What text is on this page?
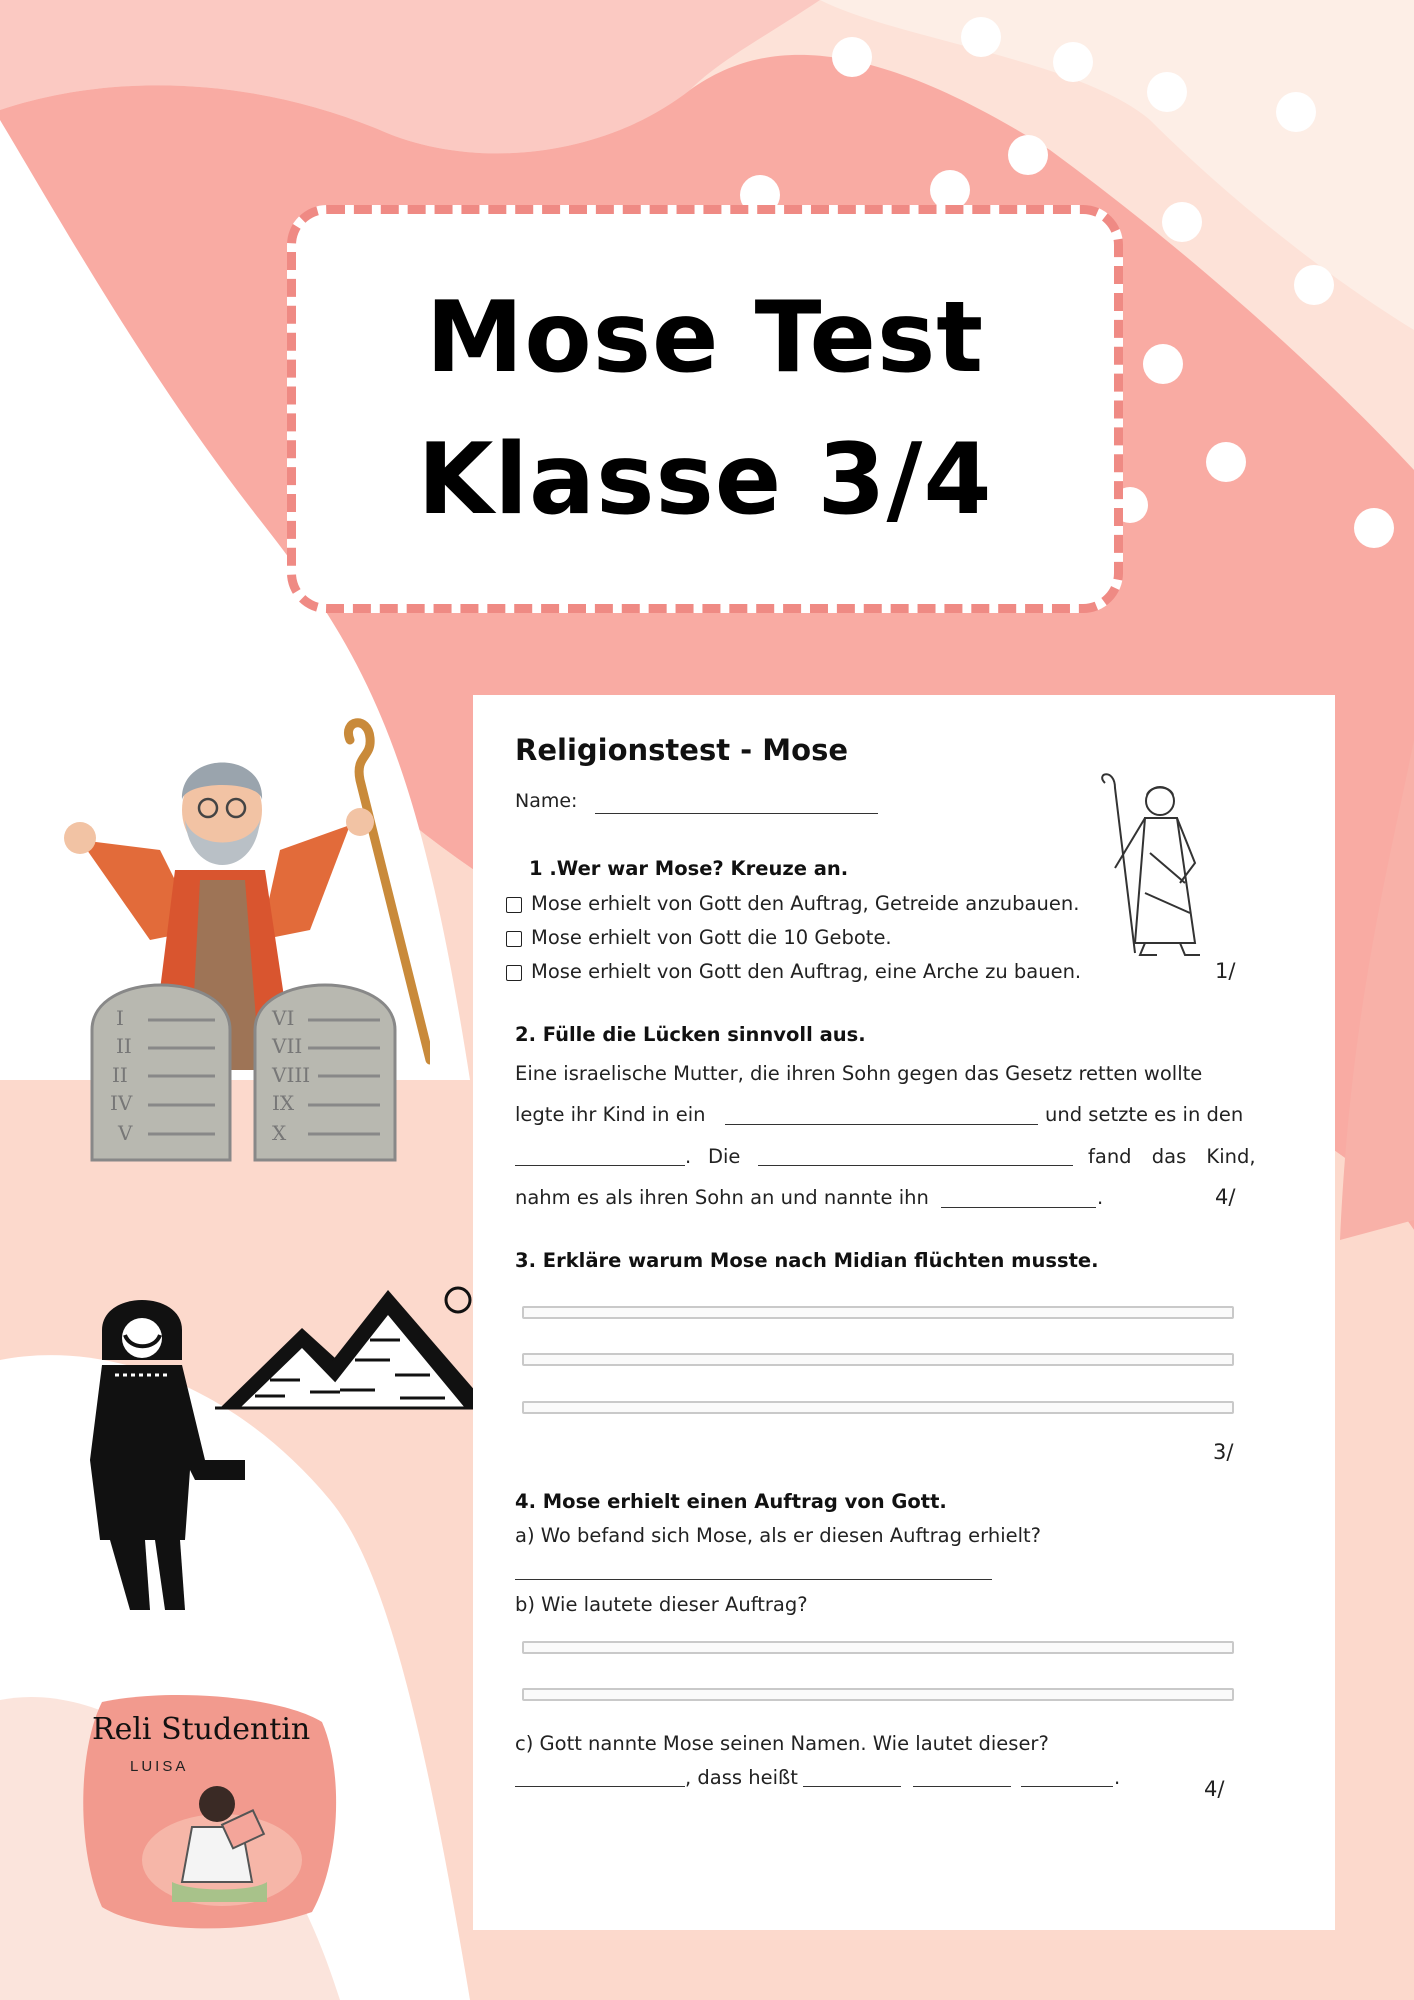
Mose Test
Klasse 3/4
I
II
II
IV
V
VI
VII
VIII
IX
X
Reli Studentin
LUISA
Religionstest - Mose
Name:
1 .Wer war Mose? Kreuze an.
Mose erhielt von Gott den Auftrag, Getreide anzubauen.
Mose erhielt von Gott die 10 Gebote.
Mose erhielt von Gott den Auftrag, eine Arche zu bauen.	1/
2. Fülle die Lücken sinnvoll aus.
Eine israelische Mutter, die ihren Sohn gegen das Gesetz retten wollte
legte ihr Kind in ein	und setzte es in den
. Die	fand das Kind,
nahm es als ihren Sohn an und nannte ihn	.	4/
3. Erkläre warum Mose nach Midian flüchten musste.
3/
4. Mose erhielt einen Auftrag von Gott.
a) Wo befand sich Mose, als er diesen Auftrag erhielt?
b) Wie lautete dieser Auftrag?
c) Gott nannte Mose seinen Namen. Wie lautet dieser?
, dass heißt	.	4/
